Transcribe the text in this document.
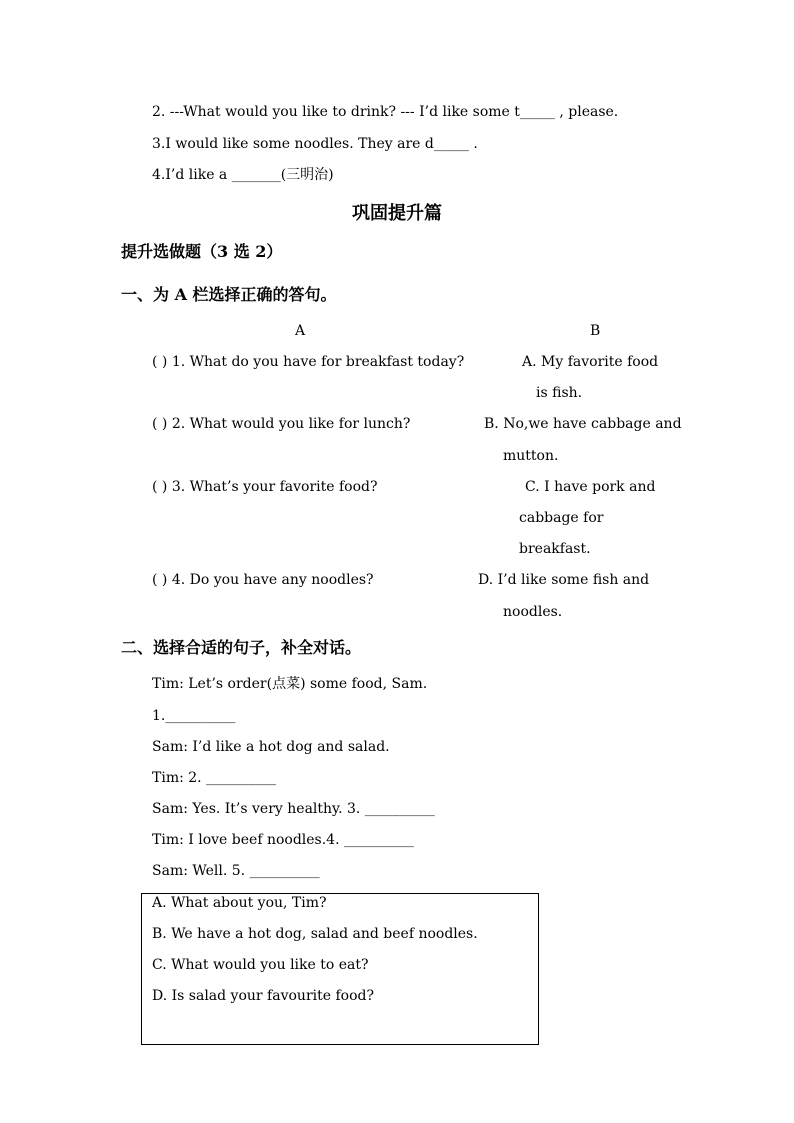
2. ---What would you like to drink? --- I’d like some t_____ , please.
3.I would like some noodles. They are d_____ .
4.I’d like a _______(三明治)
巩固提升篇
提升选做题（3 选 2）
一、为 A 栏选择正确的答句。
A	B
( ) 1. What do you have for breakfast today?	A. My favorite food
is fish.
( ) 2. What would you like for lunch?	B. No,we have cabbage and
mutton.
( ) 3. What’s your favorite food?	C. I have pork and
cabbage for
breakfast.
( ) 4. Do you have any noodles?	D. I’d like some fish and
noodles.
二、选择合适的句子，补全对话。
Tim: Let’s order(点菜) some food, Sam.
1.__________
Sam: I’d like a hot dog and salad.
Tim: 2. __________
Sam: Yes. It’s very healthy. 3. __________
Tim: I love beef noodles.4. __________
Sam: Well. 5. __________
A. What about you, Tim?
B. We have a hot dog, salad and beef noodles.
C. What would you like to eat?
D. Is salad your favourite food?
